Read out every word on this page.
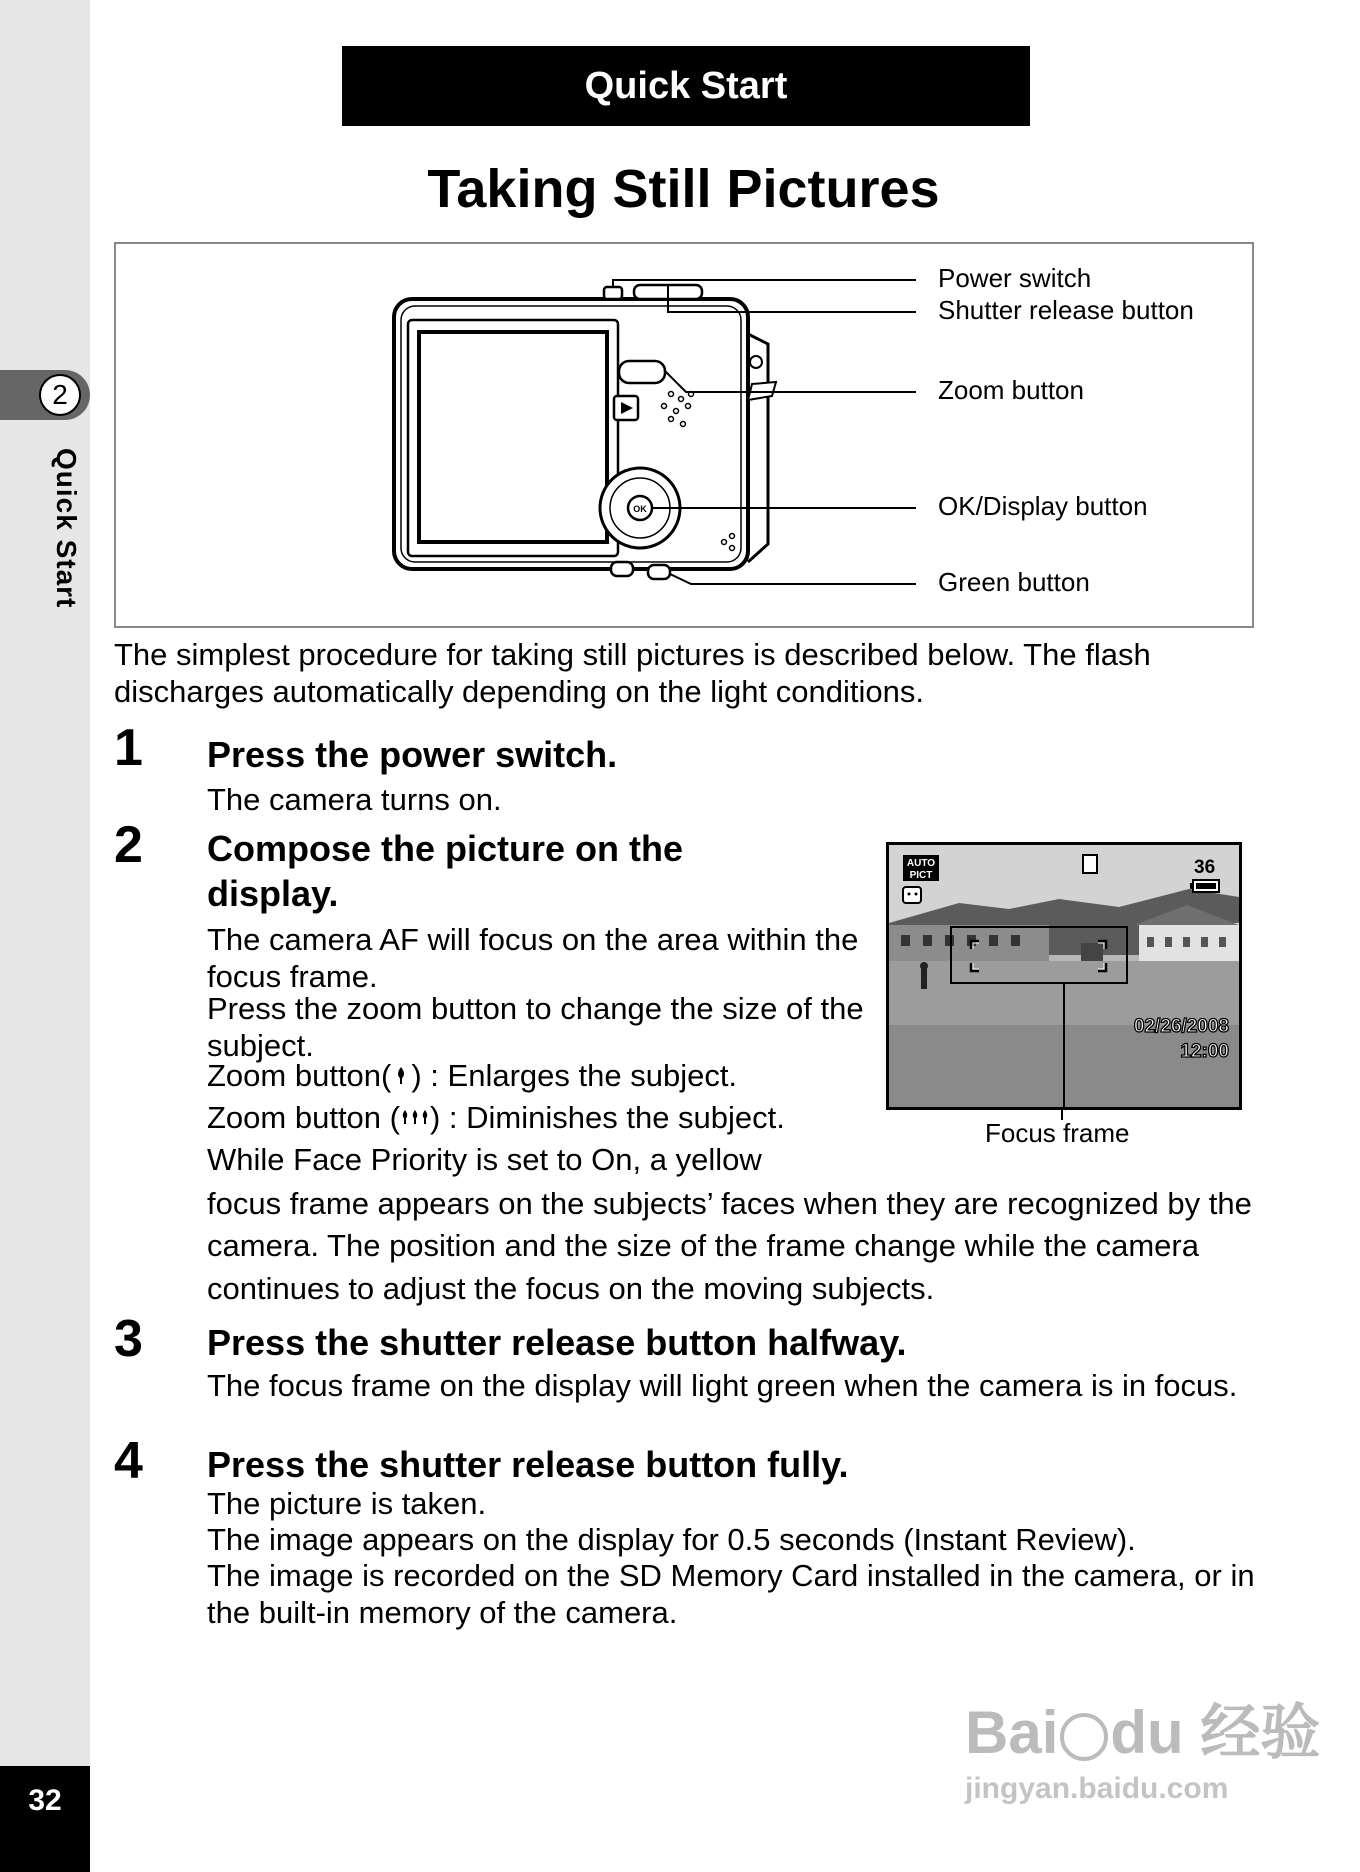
2
Quick Start
32
Quick Start
Taking Still Pictures
OK
Power switch
Shutter release button
Zoom button
OK/Display button
Green button
The simplest procedure for taking still pictures is described below. The flash discharges automatically depending on the light conditions.
1 Press the power switch.
The camera turns on.
2 Compose the picture on the display.
The camera AF will focus on the area within the focus frame.
Press the zoom button to change the size of the subject.
Zoom button( ) : Enlarges the subject.
Zoom button ( ) : Diminishes the subject.
While Face Priority is set to On, a yellow
focus frame appears on the subjects’ faces when they are recognized by the camera. The position and the size of the frame change while the camera continues to adjust the focus on the moving subjects.
AUTO
PICT	36
02/26/2008
12:00
Focus frame
3 Press the shutter release button halfway.
The focus frame on the display will light green when the camera is in focus.
4 Press the shutter release button fully.
The picture is taken.
The image appears on the display for 0.5 seconds (Instant Review).
The image is recorded on the SD Memory Card installed in the camera, or in the built-in memory of the camera.
Bai du 经验
jingyan.baidu.com
